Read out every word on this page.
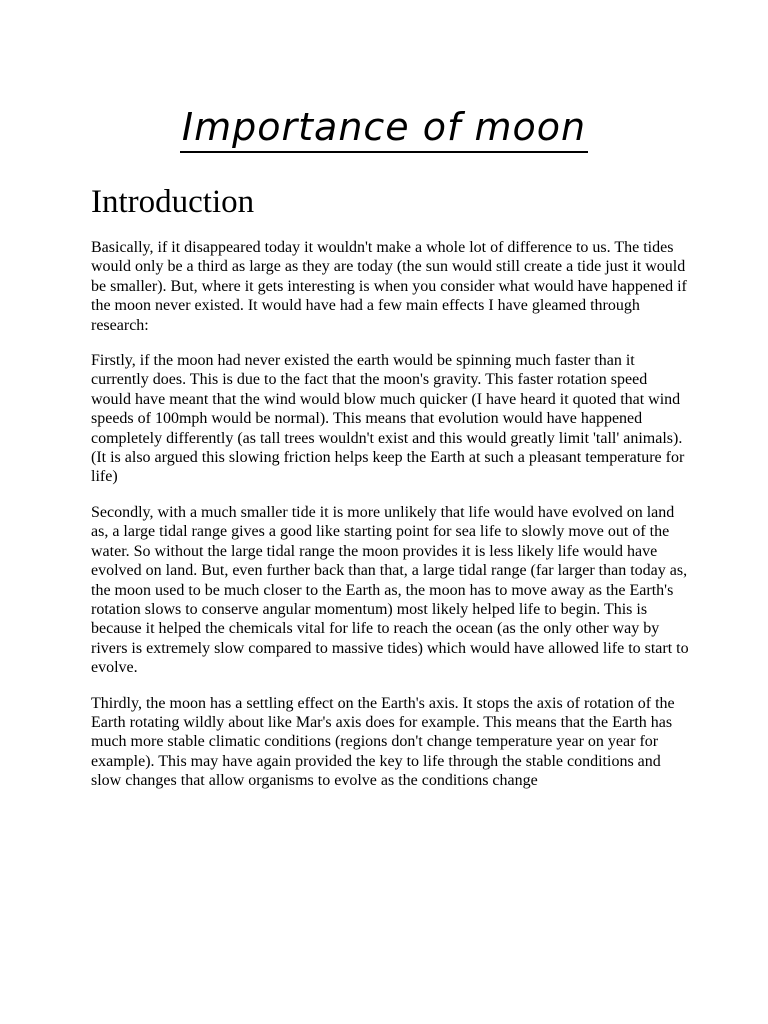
Importance of moon
Introduction

Basically, if it disappeared today it wouldn't make a whole lot of difference to us. The tides would only be a third as large as they are today (the sun would still create a tide just it would be smaller). But, where it gets interesting is when you consider what would have happened if the moon never existed. It would have had a few main effects I have gleamed through research:

Firstly, if the moon had never existed the earth would be spinning much faster than it currently does. This is due to the fact that the moon's gravity. This faster rotation speed would have meant that the wind would blow much quicker (I have heard it quoted that wind speeds of 100mph would be normal). This means that evolution would have happened completely differently (as tall trees wouldn't exist and this would greatly limit 'tall' animals). (It is also argued this slowing friction helps keep the Earth at such a pleasant temperature for life)

Secondly, with a much smaller tide it is more unlikely that life would have evolved on land as, a large tidal range gives a good like starting point for sea life to slowly move out of the water. So without the large tidal range the moon provides it is less likely life would have evolved on land. But, even further back than that, a large tidal range (far larger than today as, the moon used to be much closer to the Earth as, the moon has to move away as the Earth's rotation slows to conserve angular momentum) most likely helped life to begin. This is because it helped the chemicals vital for life to reach the ocean (as the only other way by rivers is extremely slow compared to massive tides) which would have allowed life to start to evolve.

Thirdly, the moon has a settling effect on the Earth's axis. It stops the axis of rotation of the Earth rotating wildly about like Mar's axis does for example. This means that the Earth has much more stable climatic conditions (regions don't change temperature year on year for example). This may have again provided the key to life through the stable conditions and slow changes that allow organisms to evolve as the conditions change
